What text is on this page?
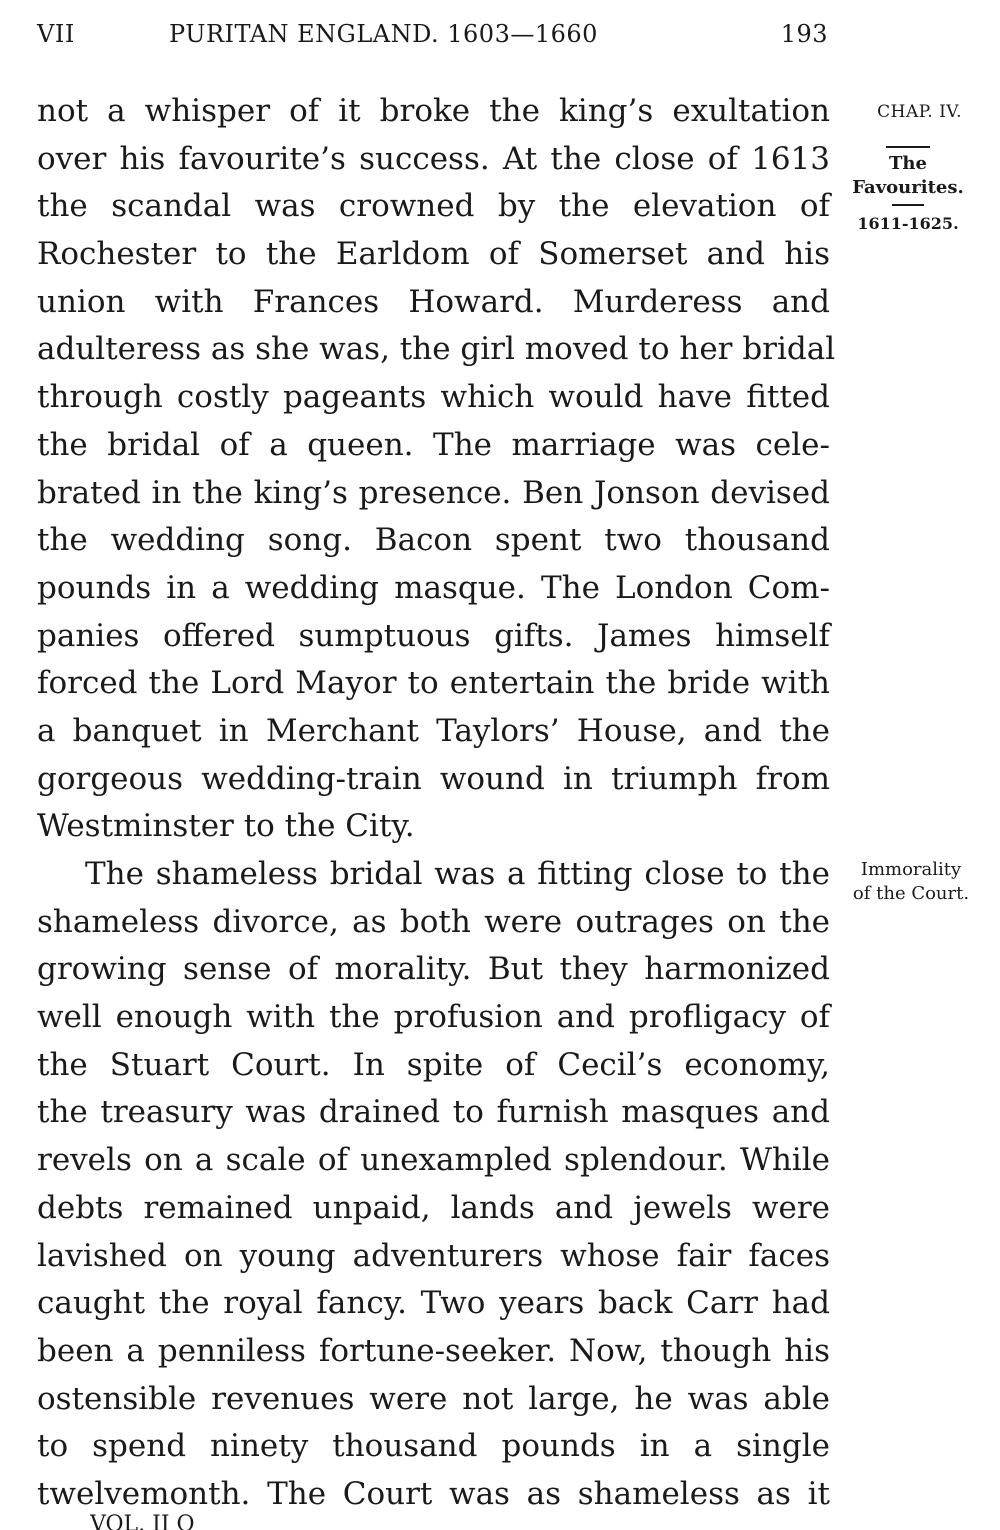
VII	PURITAN ENGLAND. 1603—1660	193
CHAP. IV.
The
Favourites.
1611-1625.
Immorality
of the Court.
not a whisper of it broke the king’s exultation
over his favourite’s success. At the close of 1613
the scandal was crowned by the elevation of
Rochester to the Earldom of Somerset and his
union with Frances Howard. Murderess and
adulteress as she was, the girl moved to her bridal
through costly pageants which would have fitted
the bridal of a queen. The marriage was cele-
brated in the king’s presence. Ben Jonson devised
the wedding song. Bacon spent two thousand
pounds in a wedding masque. The London Com-
panies offered sumptuous gifts. James himself
forced the Lord Mayor to entertain the bride with
a banquet in Merchant Taylors’ House, and the
gorgeous wedding-train wound in triumph from
Westminster to the City.
The shameless bridal was a fitting close to the
shameless divorce, as both were outrages on the
growing sense of morality. But they harmonized
well enough with the profusion and profligacy of
the Stuart Court. In spite of Cecil’s economy,
the treasury was drained to furnish masques and
revels on a scale of unexampled splendour. While
debts remained unpaid, lands and jewels were
lavished on young adventurers whose fair faces
caught the royal fancy. Two years back Carr had
been a penniless fortune-seeker. Now, though his
ostensible revenues were not large, he was able
to spend ninety thousand pounds in a single
twelvemonth. The Court was as shameless as it
VOL. II O
